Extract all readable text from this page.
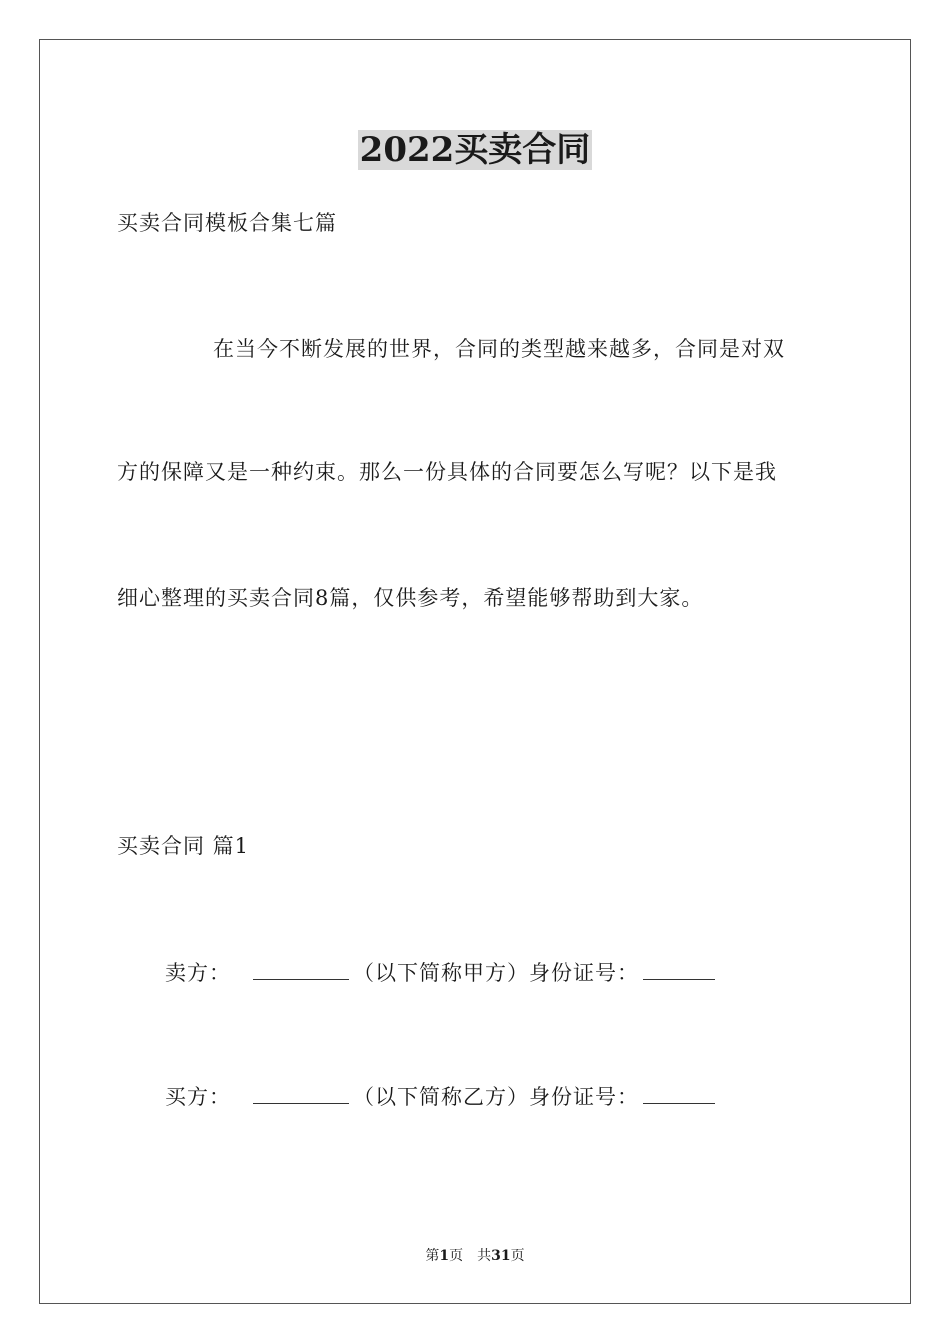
2022买卖合同
买卖合同模板合集七篇
在当今不断发展的世界，合同的类型越来越多，合同是对双
方的保障又是一种约束。那么一份具体的合同要怎么写呢？以下是我
细心整理的买卖合同8篇，仅供参考，希望能够帮助到大家。
买卖合同 篇1
卖方：	（以下简称甲方）身份证号：
买方：	（以下简称乙方）身份证号：
第1页　共31页
